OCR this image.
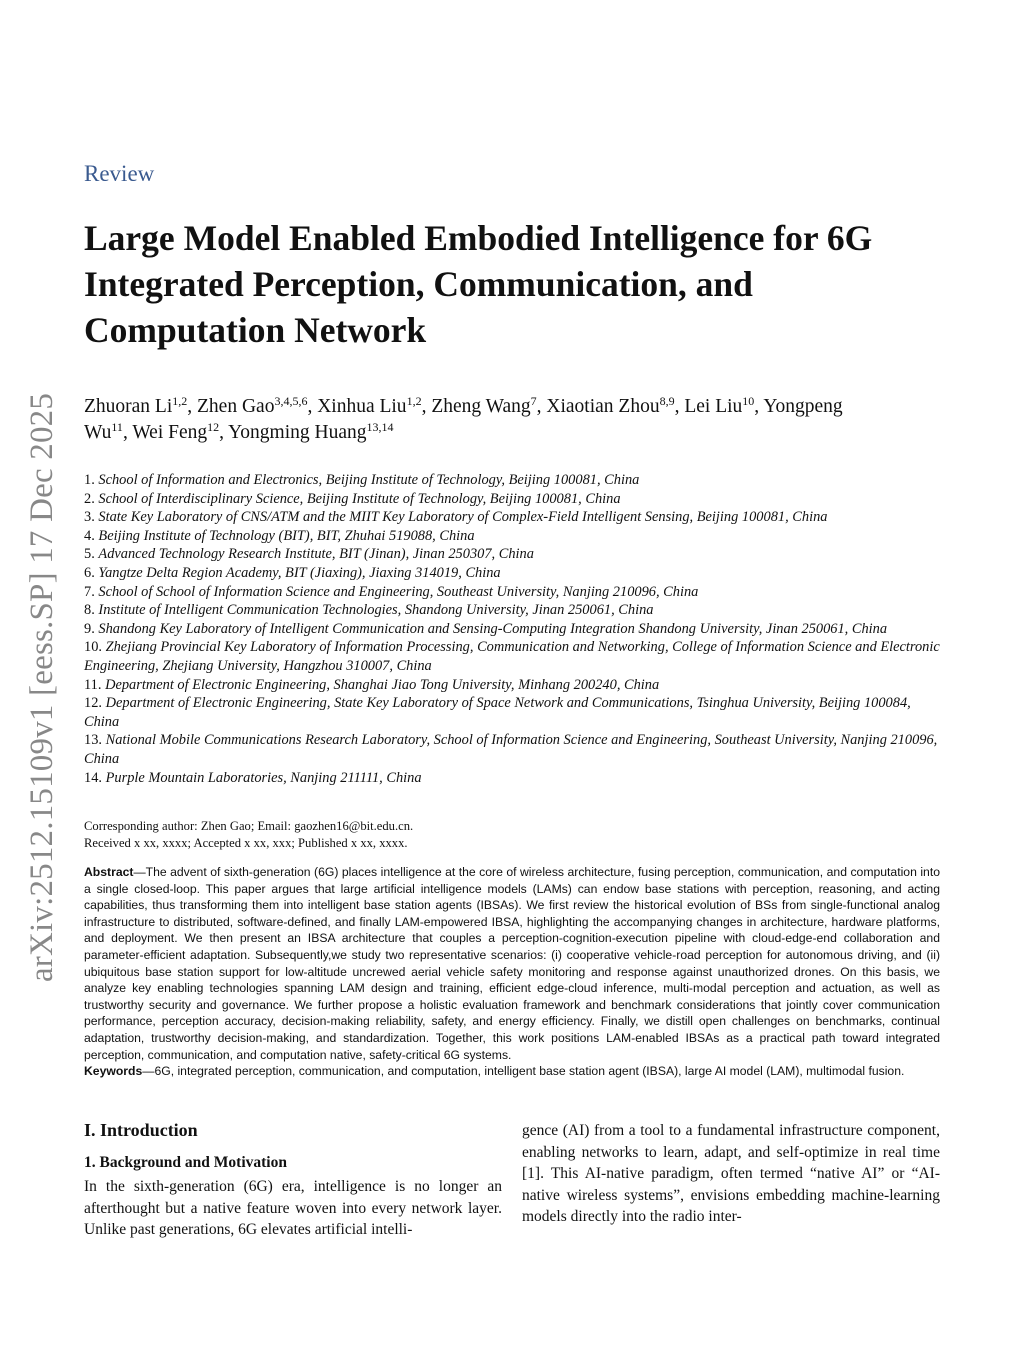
arXiv:2512.15109v1 [eess.SP] 17 Dec 2025
Review
Large Model Enabled Embodied Intelligence for 6G
Integrated Perception, Communication, and
Computation Network
Zhuoran Li$^{1,2}$, Zhen Gao$^{3,4,5,6}$, Xinhua Liu$^{1,2}$, Zheng Wang$^7$, Xiaotian Zhou$^{8,9}$, Lei Liu$^{10}$, Yongpeng
Wu$^{11}$, Wei Feng$^{12}$, Yongming Huang$^{13,14}$
1. School of Information and Electronics, Beijing Institute of Technology, Beijing 100081, China
2. School of Interdisciplinary Science, Beijing Institute of Technology, Beijing 100081, China
3. State Key Laboratory of CNS/ATM and the MIIT Key Laboratory of Complex-Field Intelligent Sensing, Beijing 100081, China
4. Beijing Institute of Technology (BIT), BIT, Zhuhai 519088, China
5. Advanced Technology Research Institute, BIT (Jinan), Jinan 250307, China
6. Yangtze Delta Region Academy, BIT (Jiaxing), Jiaxing 314019, China
7. School of School of Information Science and Engineering, Southeast University, Nanjing 210096, China
8. Institute of Intelligent Communication Technologies, Shandong University, Jinan 250061, China
9. Shandong Key Laboratory of Intelligent Communication and Sensing-Computing Integration Shandong University, Jinan 250061, China
10. Zhejiang Provincial Key Laboratory of Information Processing, Communication and Networking, College of Information Science and Electronic Engineering, Zhejiang University, Hangzhou 310007, China
11. Department of Electronic Engineering, Shanghai Jiao Tong University, Minhang 200240, China
12. Department of Electronic Engineering, State Key Laboratory of Space Network and Communications, Tsinghua University, Beijing 100084, China
13. National Mobile Communications Research Laboratory, School of Information Science and Engineering, Southeast University, Nanjing 210096, China
14. Purple Mountain Laboratories, Nanjing 211111, China
Corresponding author: Zhen Gao; Email: gaozhen16@bit.edu.cn.
Received x xx, xxxx; Accepted x xx, xxx; Published x xx, xxxx.
Abstract—The advent of sixth-generation (6G) places intelligence at the core of wireless architecture, fusing perception, communication, and computation into a single closed-loop. This paper argues that large artificial intelligence models (LAMs) can endow base stations with perception, reasoning, and acting capabilities, thus transforming them into intelligent base station agents (IBSAs). We first review the historical evolution of BSs from single-functional analog infrastructure to distributed, software-defined, and finally LAM-empowered IBSA, highlighting the accompanying changes in architecture, hardware platforms, and deployment. We then present an IBSA architecture that couples a perception-cognition-execution pipeline with cloud-edge-end collaboration and parameter-efficient adaptation. Subsequently,we study two representative scenarios: (i) cooperative vehicle-road perception for autonomous driving, and (ii) ubiquitous base station support for low-altitude uncrewed aerial vehicle safety monitoring and response against unauthorized drones. On this basis, we analyze key enabling technologies spanning LAM design and training, efficient edge-cloud inference, multi-modal perception and actuation, as well as trustworthy security and governance. We further propose a holistic evaluation framework and benchmark considerations that jointly cover communication performance, perception accuracy, decision-making reliability, safety, and energy efficiency. Finally, we distill open challenges on benchmarks, continual adaptation, trustworthy decision-making, and standardization. Together, this work positions LAM-enabled IBSAs as a practical path toward integrated perception, communication, and computation native, safety-critical 6G systems.
Keywords—6G, integrated perception, communication, and computation, intelligent base station agent (IBSA), large AI model (LAM), multimodal fusion.
I. Introduction
1. Background and Motivation

In the sixth-generation (6G) era, intelligence is no longer an afterthought but a native feature woven into every network layer. Unlike past generations, 6G elevates artificial intelli-

gence (AI) from a tool to a fundamental infrastructure component, enabling networks to learn, adapt, and self-optimize in real time [1]. This AI-native paradigm, often termed “native AI” or “AI-native wireless systems”, envisions embedding machine-learning models directly into the radio inter-
